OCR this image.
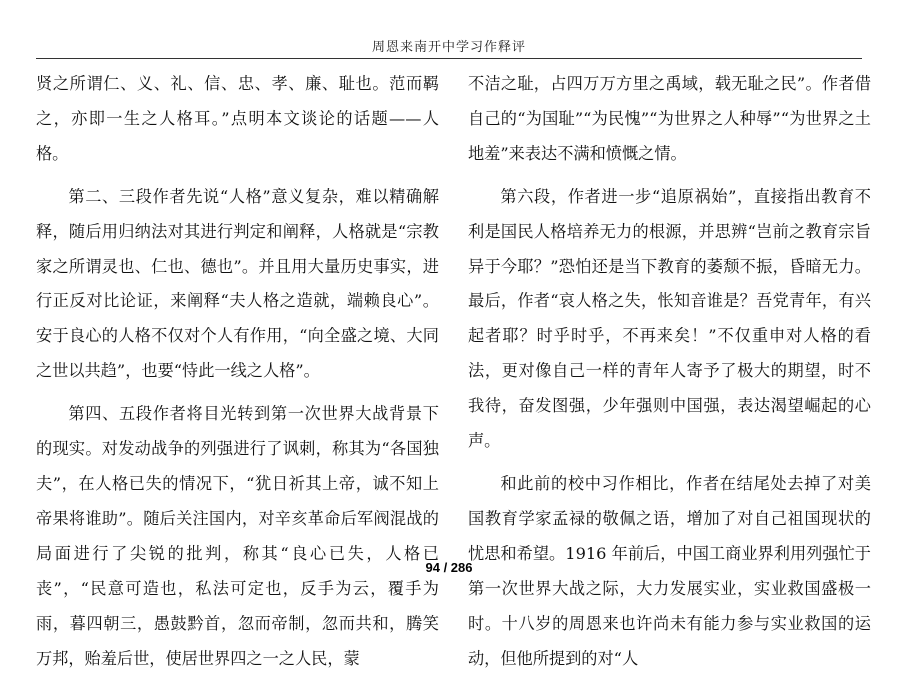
周恩来南开中学习作释评

贤之所谓仁、义、礼、信、忠、孝、廉、耻也。范而羁之，亦即一生之人格耳。”点明本文谈论的话题——人格。

第二、三段作者先说“人格”意义复杂，难以精确解释，随后用归纳法对其进行判定和阐释，人格就是“宗教家之所谓灵也、仁也、德也”。并且用大量历史事实，进行正反对比论证，来阐释“夫人格之造就，端赖良心”。安于良心的人格不仅对个人有作用，“向全盛之境、大同之世以共趋”，也要“恃此一线之人格”。

第四、五段作者将目光转到第一次世界大战背景下的现实。对发动战争的列强进行了讽刺，称其为“各国独夫”，在人格已失的情况下，“犹日祈其上帝，诚不知上帝果将谁助”。随后关注国内，对辛亥革命后军阀混战的局面进行了尖锐的批判，称其“良心已失，人格已丧”，“民意可造也，私法可定也，反手为云，覆手为雨，暮四朝三，愚鼓黔首，忽而帝制，忽而共和，腾笑万邦，贻羞后世，使居世界四之一之人民，蒙

不洁之耻，占四万万方里之禹域，载无耻之民”。作者借自己的“为国耻”“为民愧”“为世界之人种辱”“为世界之土地羞”来表达不满和愤慨之情。

第六段，作者进一步“追原祸始”，直接指出教育不利是国民人格培养无力的根源，并思辨“岂前之教育宗旨异于今耶？”恐怕还是当下教育的萎颓不振，昏暗无力。最后，作者“哀人格之失，怅知音谁是？吾党青年，有兴起者耶？时乎时乎，不再来矣！”不仅重申对人格的看法，更对像自己一样的青年人寄予了极大的期望，时不我待，奋发图强，少年强则中国强，表达渴望崛起的心声。

和此前的校中习作相比，作者在结尾处去掉了对美国教育学家孟禄的敬佩之语，增加了对自己祖国现状的忧思和希望。1916 年前后，中国工商业界利用列强忙于第一次世界大战之际，大力发展实业，实业救国盛极一时。十八岁的周恩来也许尚未有能力参与实业救国的运动，但他所提到的对“人

94 / 286
